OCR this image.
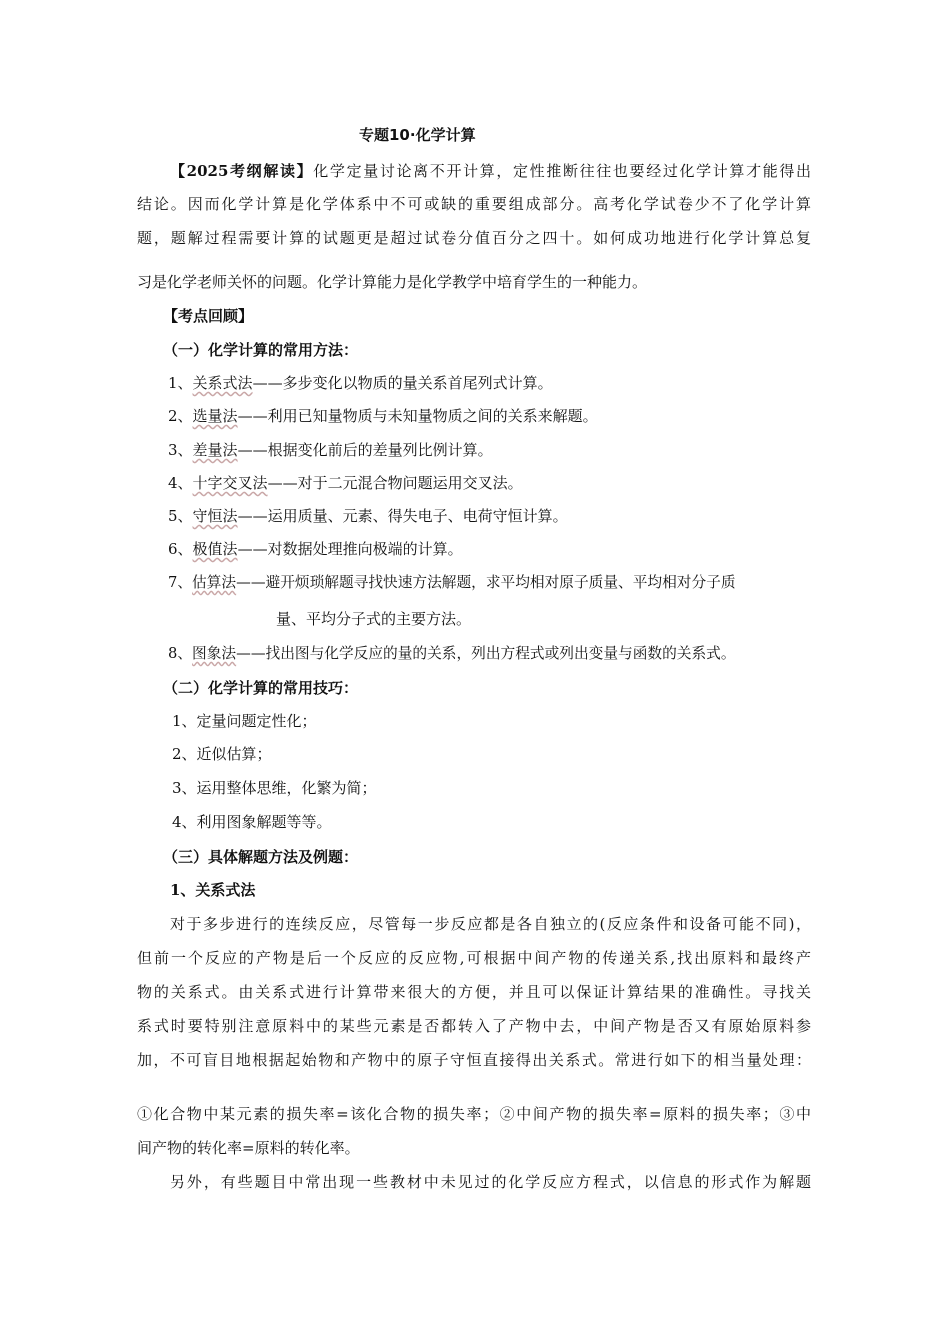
专题10·化学计算
【2025考纲解读】化学定量讨论离不开计算，定性推断往往也要经过化学计算才能得出
结论。因而化学计算是化学体系中不可或缺的重要组成部分。高考化学试卷少不了化学计算
题，题解过程需要计算的试题更是超过试卷分值百分之四十。如何成功地进行化学计算总复
习是化学老师关怀的问题。化学计算能力是化学教学中培育学生的一种能力。
【考点回顾】
（一）化学计算的常用方法：
1、关系式法——多步变化以物质的量关系首尾列式计算。
2、选量法——利用已知量物质与未知量物质之间的关系来解题。
3、差量法——根据变化前后的差量列比例计算。
4、十字交叉法——对于二元混合物问题运用交叉法。
5、守恒法——运用质量、元素、得失电子、电荷守恒计算。
6、极值法——对数据处理推向极端的计算。
7、估算法——避开烦琐解题寻找快速方法解题，求平均相对原子质量、平均相对分子质
量、平均分子式的主要方法。
8、图象法——找出图与化学反应的量的关系，列出方程式或列出变量与函数的关系式。
（二）化学计算的常用技巧：
1、定量问题定性化；
2、近似估算；
3、运用整体思维，化繁为简；
4、利用图象解题等等。
（三）具体解题方法及例题：
1、关系式法
对于多步进行的连续反应，尽管每一步反应都是各自独立的(反应条件和设备可能不同)，
但前一个反应的产物是后一个反应的反应物,可根据中间产物的传递关系,找出原料和最终产
物的关系式。由关系式进行计算带来很大的方便，并且可以保证计算结果的准确性。寻找关
系式时要特别注意原料中的某些元素是否都转入了产物中去，中间产物是否又有原始原料参
加，不可盲目地根据起始物和产物中的原子守恒直接得出关系式。常进行如下的相当量处理：
①化合物中某元素的损失率=该化合物的损失率；②中间产物的损失率=原料的损失率；③中
间产物的转化率=原料的转化率。
另外，有些题目中常出现一些教材中未见过的化学反应方程式，以信息的形式作为解题
